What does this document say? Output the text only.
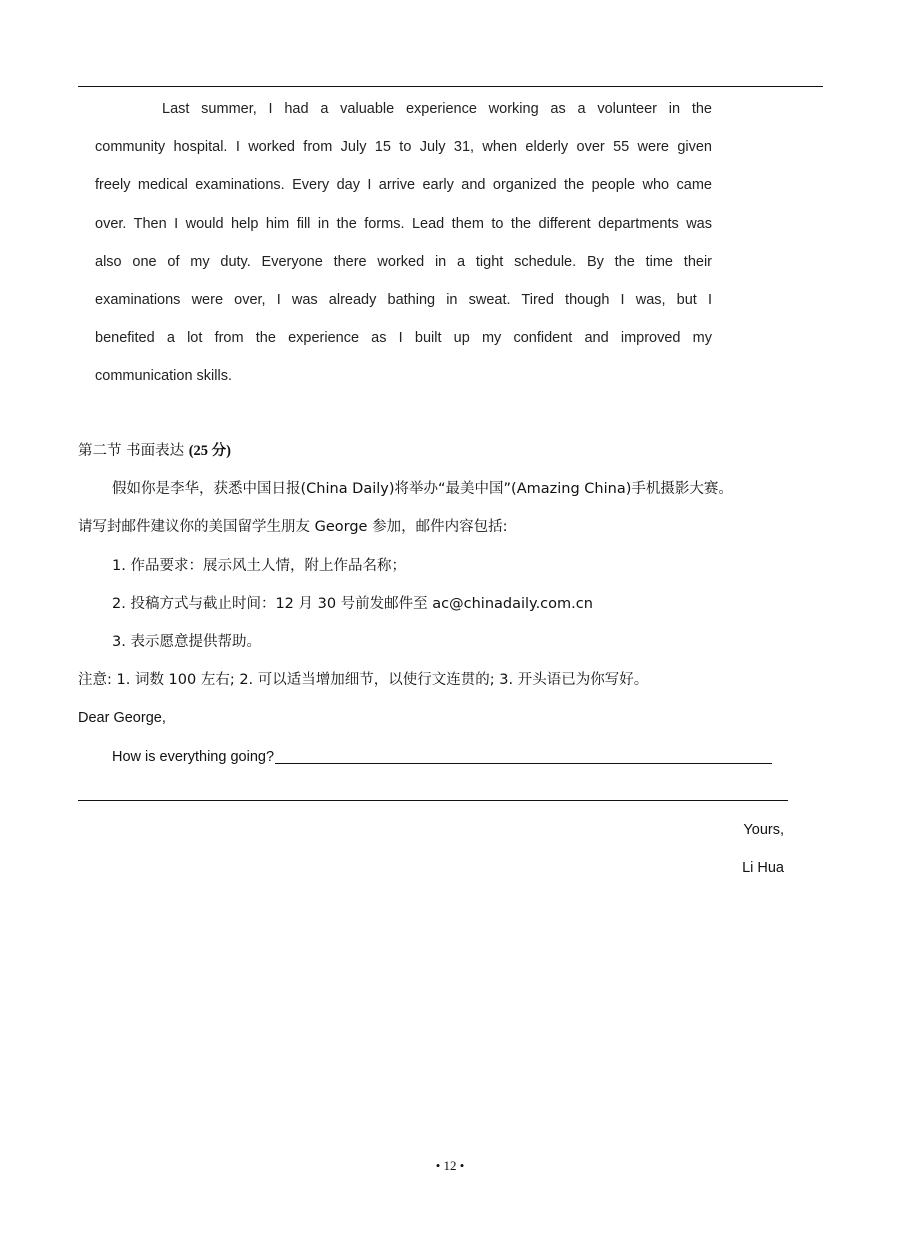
Last summer, I had a valuable experience working as a volunteer in the
community hospital. I worked from July 15 to July 31, when elderly over 55 were given
freely medical examinations. Every day I arrive early and organized the people who came
over. Then I would help him fill in the forms. Lead them to the different departments was
also one of my duty. Everyone there worked in a tight schedule. By the time their
examinations were over, I was already bathing in sweat. Tired though I was, but I
benefited a lot from the experience as I built up my confident and improved my
communication skills.
第二节 书面表达 (25 分)
假如你是李华，获悉中国日报(China Daily)将举办“最美中国”(Amazing China)手机摄影大赛。
请写封邮件建议你的美国留学生朋友 George 参加，邮件内容包括:
1. 作品要求：展示风土人情，附上作品名称；
2. 投稿方式与截止时间：12 月 30 号前发邮件至 ac@chinadaily.com.cn
3. 表示愿意提供帮助。
注意: 1. 词数 100 左右; 2. 可以适当增加细节，以使行文连贯的; 3. 开头语已为你写好。
Dear George,
How is everything going?
Yours,
Li Hua
• 12 •
